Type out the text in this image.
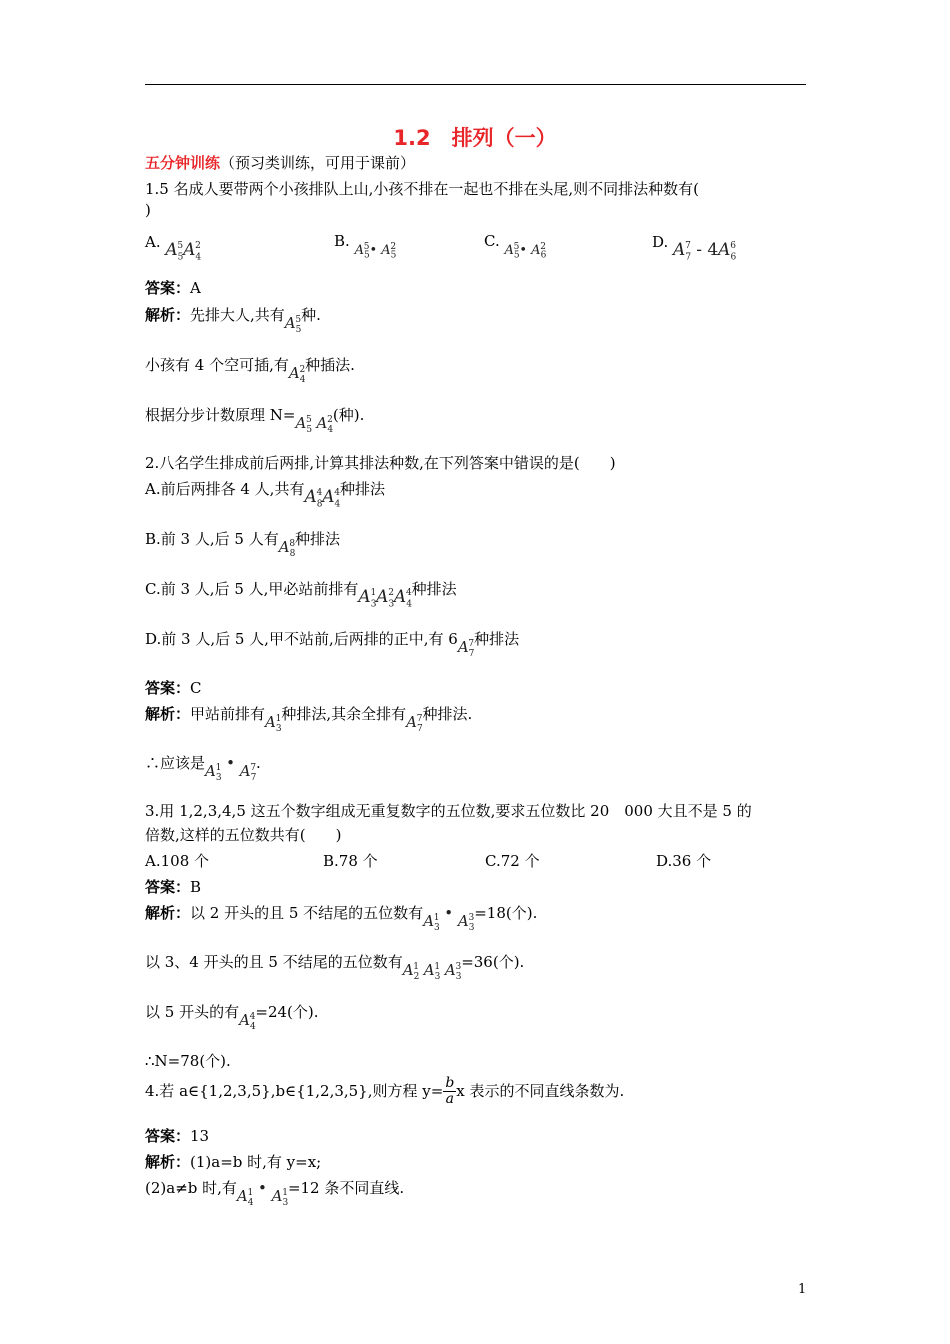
1.2　排列（一）
五分钟训练（预习类训练，可用于课前）
1.5 名成人要带两个小孩排队上山,小孩不排在一起也不排在头尾,则不同排法种数有(
)
A. $A_5^5A_4^2$	B. $A_5^5•$ $A_5^2$	C. $A_5^5•$ $A_6^2$	D. $A_7^7 - 4A_6^6$
答案：A
解析：先排大人,共有$A_5^5$种.
小孩有 4 个空可插,有$A_4^2$种插法.
根据分步计数原理 $N=A_5^5$ $A_4^2$(种).
2.八名学生排成前后两排,计算其排法种数,在下列答案中错误的是(　　)
A.前后两排各 4 人,共有$A_8^4A_4^4$种排法
B.前 3 人,后 5 人有$A_8^8$种排法
C.前 3 人,后 5 人,甲必站前排有$A_3^1A_3^2A_4^4$种排法
D.前 3 人,后 5 人,甲不站前,后两排的正中,有 $6A_7^7$种排法
答案：C
解析：甲站前排有$A_3^1$种排法,其余全排有$A_7^7$种排法.
∴应该是$A_3^1$ • $A_7^7$.
3.用 1,2,3,4,5 这五个数字组成无重复数字的五位数,要求五位数比 20　000 大且不是 5 的
倍数,这样的五位数共有(　　)
A.108 个	B.78 个	C.72 个	D.36 个
答案：B
解析：以 2 开头的且 5 不结尾的五位数有$A_3^1$ • $A_3^3=18$(个).
以 3、4 开头的且 5 不结尾的五位数有$A_2^1$ $A_3^1$ $A_3^3=36$(个).
以 5 开头的有$A_4^4=24$(个).
∴N=78(个).
4.若 a∈{1,2,3,5},b∈{1,2,3,5},则方程 $y= \frac{b}{a}$ x 表示的不同直线条数为.
答案：13
解析：(1)a=b 时,有 y=x;
(2)a≠b 时,有$A_4^1$ • $A_3^1=12$ 条不同直线.
1
